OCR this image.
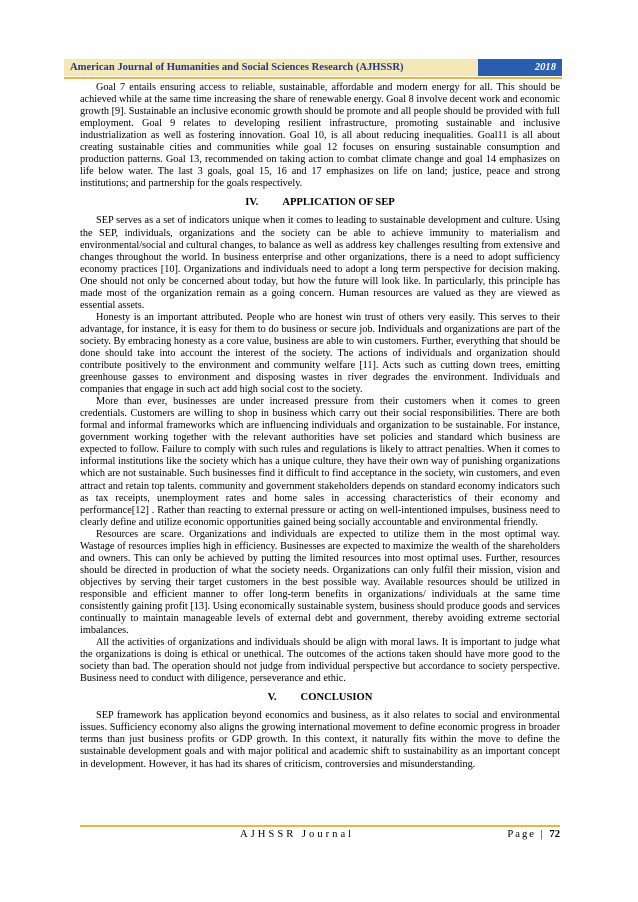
American Journal of Humanities and Social Sciences Research (AJHSSR)	2018

Goal 7 entails ensuring access to reliable, sustainable, affordable and modern energy for all. This should be achieved while at the same time increasing the share of renewable energy. Goal 8 involve decent work and economic growth [9]. Sustainable an inclusive economic growth should be promote and all people should be provided with full employment. Goal 9 relates to developing resilient infrastructure, promoting sustainable and inclusive industrialization as well as fostering innovation. Goal 10, is all about reducing inequalities. Goal11 is all about creating sustainable cities and communities while goal 12 focuses on ensuring sustainable consumption and production patterns. Goal 13, recommended on taking action to combat climate change and goal 14 emphasizes on life below water. The last 3 goals, goal 15, 16 and 17 emphasizes on life on land; justice, peace and strong institutions; and partnership for the goals respectively.

IV. APPLICATION OF SEP

SEP serves as a set of indicators unique when it comes to leading to sustainable development and culture. Using the SEP, individuals, organizations and the society can be able to achieve immunity to materialism and environmental/social and cultural changes, to balance as well as address key challenges resulting from extensive and changes throughout the world. In business enterprise and other organizations, there is a need to adopt sufficiency economy practices [10]. Organizations and individuals need to adopt a long term perspective for decision making. One should not only be concerned about today, but how the future will look like. In particularly, this principle has made most of the organization remain as a going concern. Human resources are valued as they are viewed as essential assets.

Honesty is an important attributed. People who are honest win trust of others very easily. This serves to their advantage, for instance, it is easy for them to do business or secure job. Individuals and organizations are part of the society. By embracing honesty as a core value, business are able to win customers. Further, everything that should be done should take into account the interest of the society. The actions of individuals and organization should contribute positively to the environment and community welfare [11]. Acts such as cutting down trees, emitting greenhouse gasses to environment and disposing wastes in river degrades the environment. Individuals and companies that engage in such act add high social cost to the society.

More than ever, businesses are under increased pressure from their customers when it comes to green credentials. Customers are willing to shop in business which carry out their social responsibilities. There are both formal and informal frameworks which are influencing individuals and organization to be sustainable. For instance, government working together with the relevant authorities have set policies and standard which business are expected to follow. Failure to comply with such rules and regulations is likely to attract penalties. When it comes to informal institutions like the society which has a unique culture, they have their own way of punishing organizations which are not sustainable. Such businesses find it difficult to find acceptance in the society, win customers, and even attract and retain top talents. community and government stakeholders depends on standard economy indicators such as tax receipts, unemployment rates and home sales in accessing characteristics of their economy and performance[12] . Rather than reacting to external pressure or acting on well-intentioned impulses, business need to clearly define and utilize economic opportunities gained being socially accountable and environmental friendly.

Resources are scare. Organizations and individuals are expected to utilize them in the most optimal way. Wastage of resources implies high in efficiency. Businesses are expected to maximize the wealth of the shareholders and owners. This can only be achieved by putting the limited resources into most optimal uses. Further, resources should be directed in production of what the society needs. Organizations can only fulfil their mission, vision and objectives by serving their target customers in the best possible way. Available resources should be utilized in responsible and efficient manner to offer long-term benefits in organizations/ individuals at the same time consistently gaining profit [13]. Using economically sustainable system, business should produce goods and services continually to maintain manageable levels of external debt and government, thereby avoiding extreme sectorial imbalances.

All the activities of organizations and individuals should be align with moral laws. It is important to judge what the organizations is doing is ethical or unethical. The outcomes of the actions taken should have more good to the society than bad. The operation should not judge from individual perspective but accordance to society perspective. Business need to conduct with diligence, perseverance and ethic.

V. CONCLUSION

SEP framework has application beyond economics and business, as it also relates to social and environmental issues. Sufficiency economy also aligns the growing international movement to define economic progress in broader terms than just business profits or GDP growth. In this context, it naturally fits within the move to define the sustainable development goals and with major political and academic shift to sustainability as an important concept in development. However, it has had its shares of criticism, controversies and misunderstanding.

AJHSSR Journal	Page | 72
